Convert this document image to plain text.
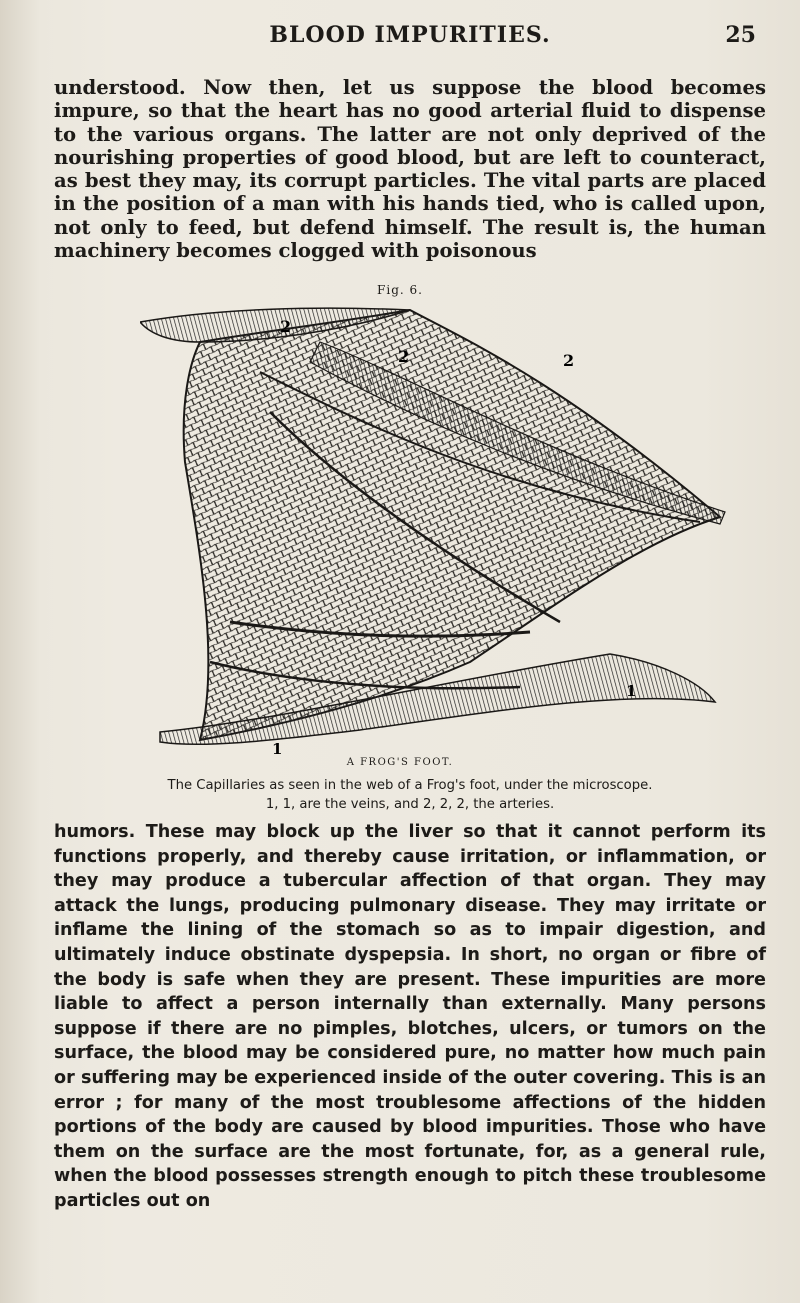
BLOOD IMPURITIES.	25
understood. Now then, let us suppose the blood becomes impure, so that the heart has no good arterial fluid to dispense to the various organs. The latter are not only deprived of the nourishing properties of good blood, but are left to counteract, as best they may, its corrupt particles. The vital parts are placed in the position of a man with his hands tied, who is called upon, not only to feed, but defend himself. The result is, the human machinery becomes clogged with poisonous
Fig. 6.
2
2	2
1
1
A FROG'S FOOT.
The Capillaries as seen in the web of a Frog's foot, under the microscope.
1, 1, are the veins, and 2, 2, 2, the arteries.
humors. These may block up the liver so that it cannot perform its functions properly, and thereby cause irritation, or inflammation, or they may produce a tubercular affection of that organ. They may attack the lungs, producing pulmonary disease. They may irritate or inflame the lining of the stomach so as to impair digestion, and ultimately induce obstinate dyspepsia. In short, no organ or fibre of the body is safe when they are present. These impurities are more liable to affect a person internally than externally. Many persons suppose if there are no pimples, blotches, ulcers, or tumors on the surface, the blood may be considered pure, no matter how much pain or suffering may be experienced inside of the outer covering. This is an error ; for many of the most troublesome affections of the hidden portions of the body are caused by blood impurities. Those who have them on the surface are the most fortunate, for, as a general rule, when the blood possesses strength enough to pitch these troublesome particles out on
